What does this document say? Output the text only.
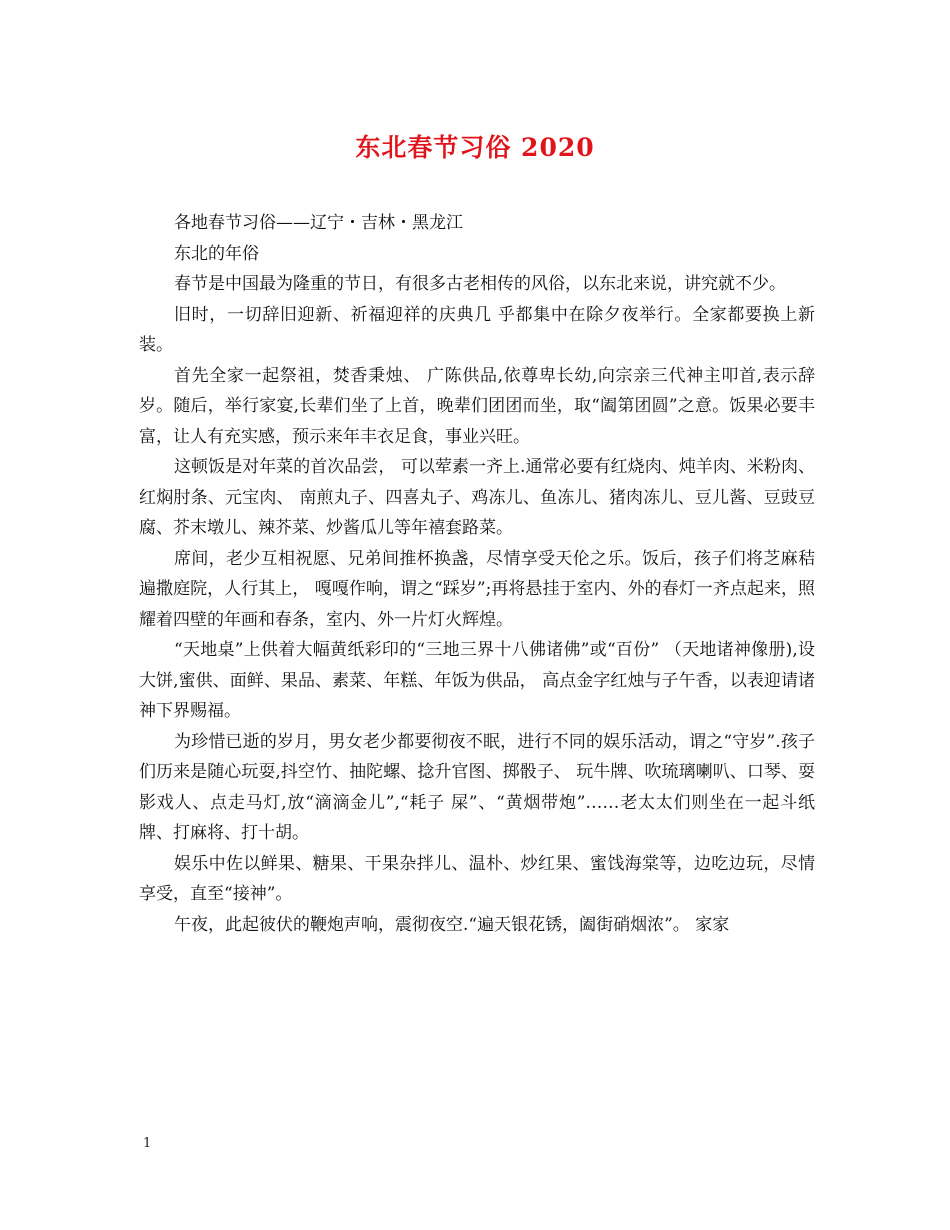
东北春节习俗 2020

各地春节习俗——辽宁・吉林・黑龙江

东北的年俗

春节是中国最为隆重的节日，有很多古老相传的风俗，以东北来说，讲究就不少。

旧时，一切辞旧迎新、祈福迎祥的庆典几 乎都集中在除夕夜举行。全家都要换上新装。

首先全家一起祭祖，焚香秉烛、 广陈供品,依尊卑长幼,向宗亲三代神主叩首,表示辞岁。随后，举行家宴,长辈们坐了上首，晚辈们团团而坐，取“阖第团圆”之意。饭果必要丰富，让人有充实感，预示来年丰衣足食，事业兴旺。

这顿饭是对年菜的首次品尝， 可以荤素一齐上.通常必要有红烧肉、炖羊肉、米粉肉、红焖肘条、元宝肉、 南煎丸子、四喜丸子、鸡冻儿、鱼冻儿、猪肉冻儿、豆儿酱、豆豉豆腐、芥末墩儿、辣芥菜、炒酱瓜儿等年禧套路菜。

席间，老少互相祝愿、兄弟间推杯换盏，尽情享受天伦之乐。饭后，孩子们将芝麻秸遍撒庭院，人行其上， 嘎嘎作响，谓之“踩岁”;再将悬挂于室内、外的春灯一齐点起来，照耀着四壁的年画和春条，室内、外一片灯火辉煌。

“天地桌”上供着大幅黄纸彩印的“三地三界十八佛诸佛”或“百份” （天地诸神像册),设大饼,蜜供、面鲜、果品、素菜、年糕、年饭为供品， 高点金字红烛与子午香，以表迎请诸神下界赐福。

为珍惜已逝的岁月，男女老少都要彻夜不眠，进行不同的娱乐活动，谓之“守岁”.孩子们历来是随心玩耍,抖空竹、抽陀螺、捻升官图、掷骰子、 玩牛牌、吹琉璃喇叭、口琴、耍影戏人、点走马灯,放“滴滴金儿”,“耗子 屎”、“黄烟带炮”……老太太们则坐在一起斗纸牌、打麻将、打十胡。

娱乐中佐以鲜果、糖果、干果杂拌儿、温朴、炒红果、蜜饯海棠等，边吃边玩，尽情享受，直至“接神”。

午夜，此起彼伏的鞭炮声响，震彻夜空.“遍天银花锈，阖街硝烟浓”。 家家

1
